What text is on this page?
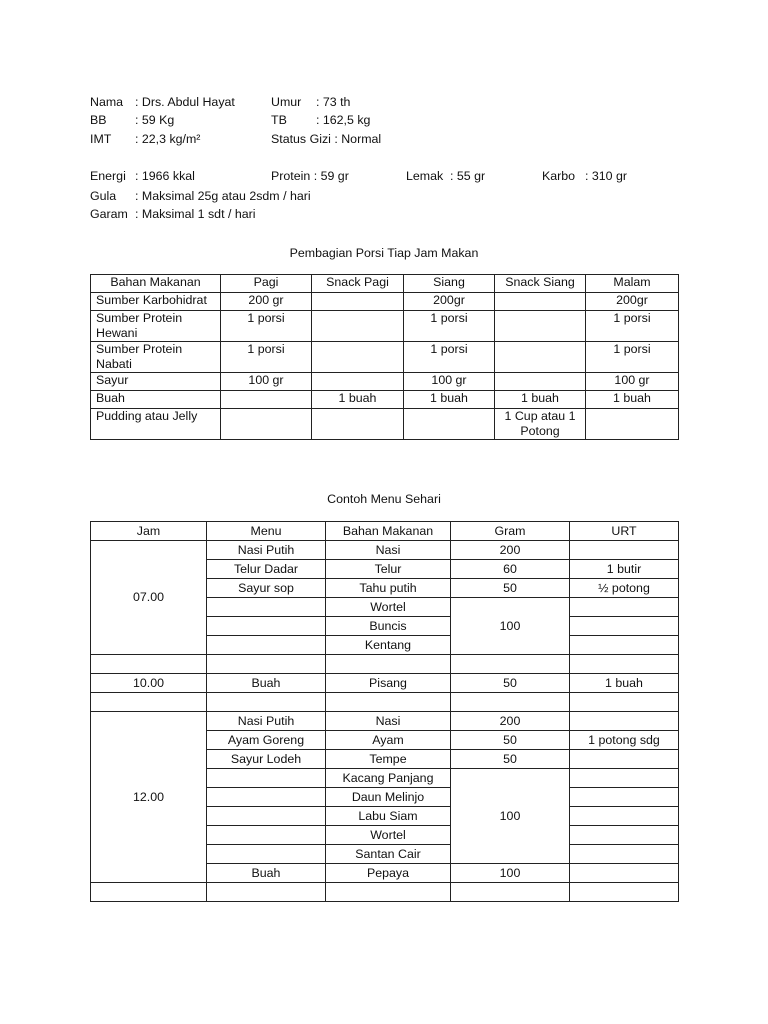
Nama : Drs. Abdul Hayat	Umur : 73 th
BB : 59 Kg	TB : 162,5 kg
IMT : 22,3 kg/m²	Status Gizi : Normal
Energi : 1966 kkal	Protein : 59 gr	Lemak : 55 gr	Karbo : 310 gr
Gula : Maksimal 25g atau 2sdm / hari
Garam : Maksimal 1 sdt / hari
Pembagian Porsi Tiap Jam Makan
Bahan Makanan	Pagi	Snack Pagi	Siang	Snack Siang	Malam
Sumber Karbohidrat	200 gr		200gr		200gr
Sumber Protein Hewani	1 porsi		1 porsi		1 porsi
Sumber Protein Nabati	1 porsi		1 porsi		1 porsi
Sayur	100 gr		100 gr		100 gr
Buah		1 buah	1 buah	1 buah	1 buah
Pudding atau Jelly				1 Cup atau 1 Potong	
Contoh Menu Sehari
Jam	Menu	Bahan Makanan	Gram	URT
07.00	Nasi Putih	Nasi	200	
	Telur Dadar	Telur	60	1 butir
	Sayur sop	Tahu putih	50	½ potong
		Wortel	100	
		Buncis		
		Kentang		

10.00	Buah	Pisang	50	1 buah

12.00	Nasi Putih	Nasi	200	
	Ayam Goreng	Ayam	50	1 potong sdg
	Sayur Lodeh	Tempe	50	
		Kacang Panjang	100	
		Daun Melinjo		
		Labu Siam		
		Wortel		
		Santan Cair		
	Buah	Pepaya	100	
